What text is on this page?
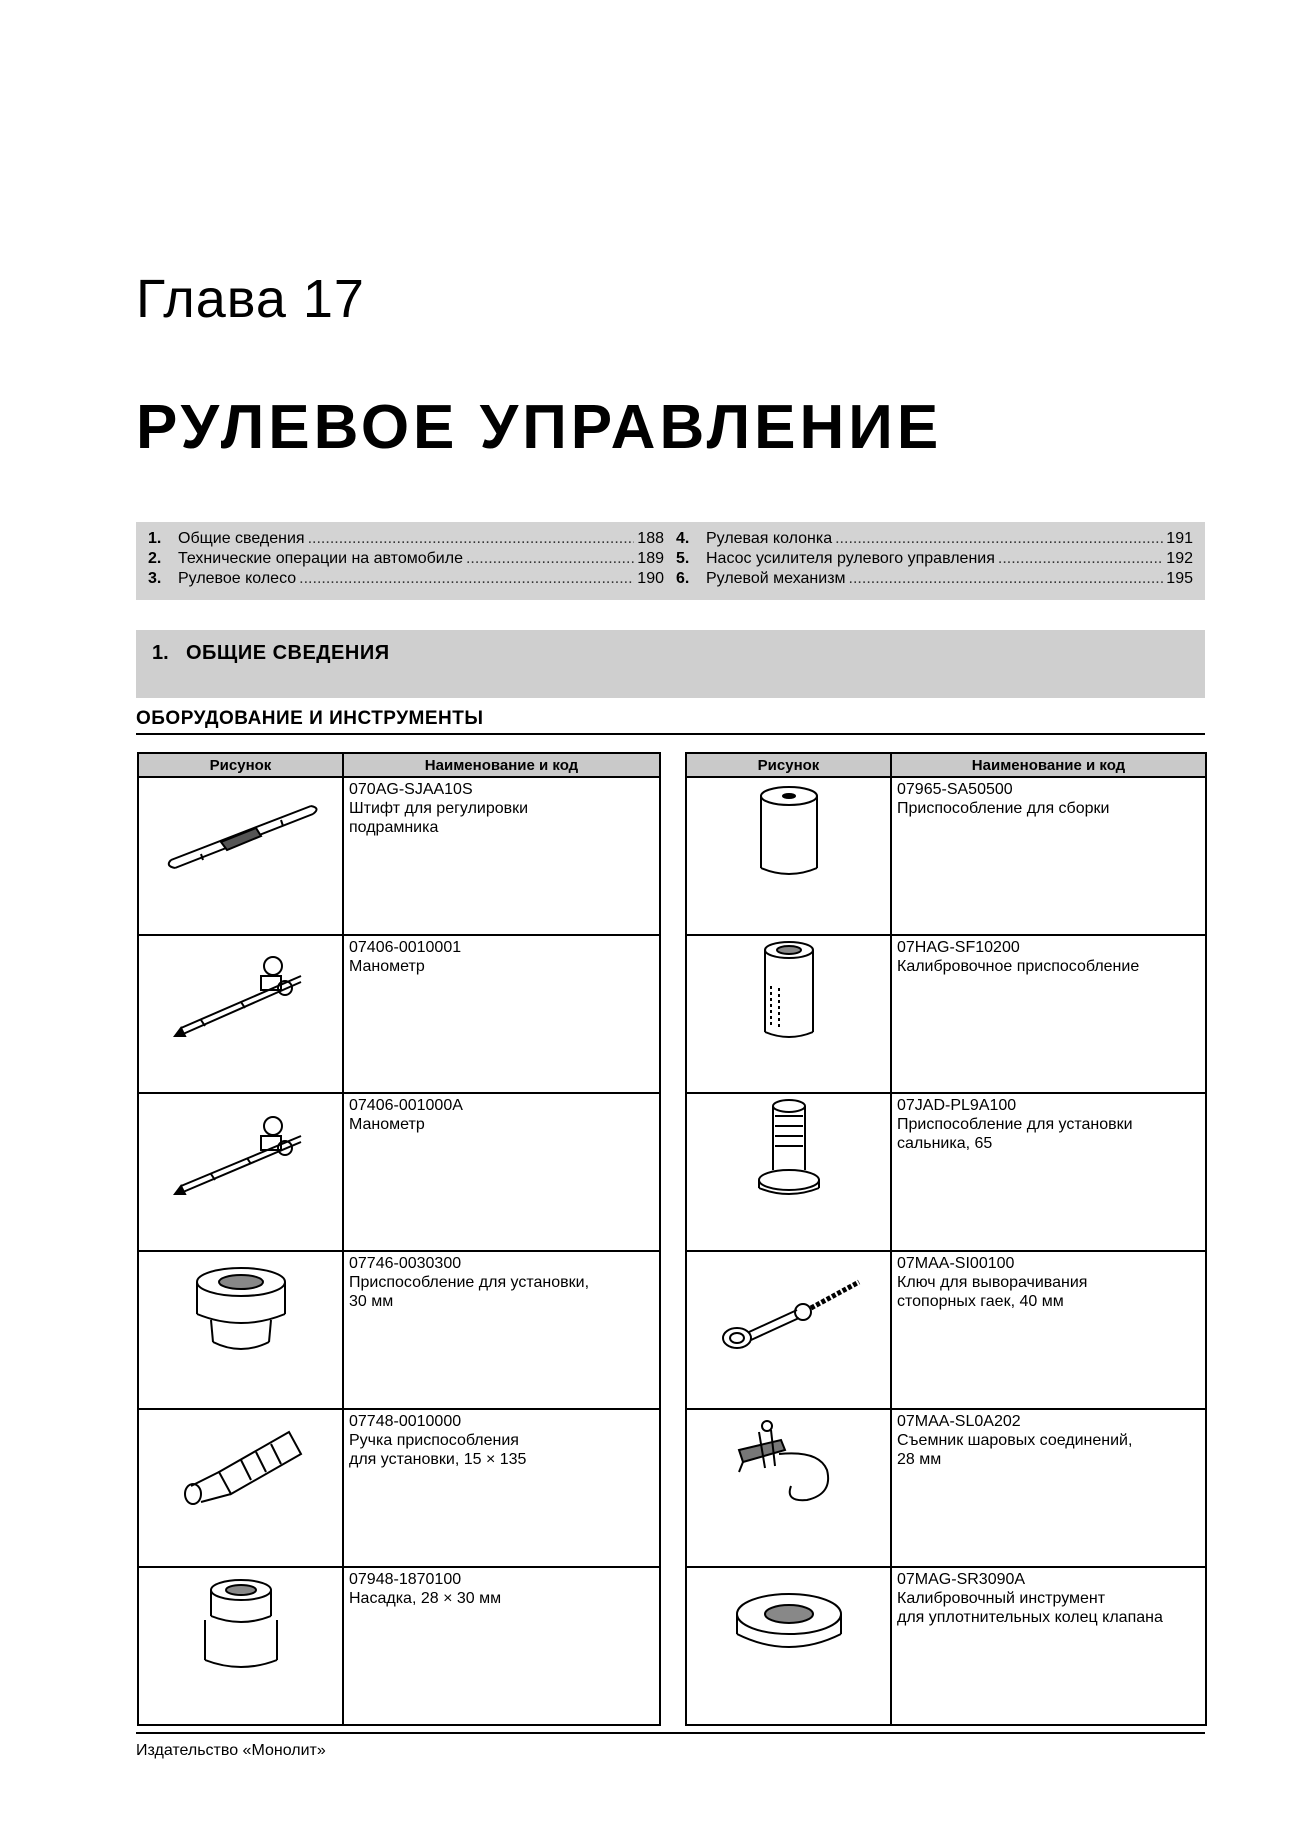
Глава 17
РУЛЕВОЕ УПРАВЛЕНИЕ
1.	Общие сведения .....	188
2.	Технические операции на автомобиле .....	189
3.	Рулевое колесо .....	190
4.	Рулевая колонка .....	191
5.	Насос усилителя рулевого управления .....	192
6.	Рулевой механизм .....	195
1. ОБЩИЕ СВЕДЕНИЯ
ОБОРУДОВАНИЕ И ИНСТРУМЕНТЫ
Рисунок	Наименование и код

070AG-SJAA10S
Штифт для регулировки
подрамника

07406-0010001
Манометр

07406-001000A
Манометр

07746-0030300
Приспособление для установки,
30 мм

07748-0010000
Ручка приспособления
для установки, 15 × 135

07948-1870100
Насадка, 28 × 30 мм
Рисунок	Наименование и код

07965-SA50500
Приспособление для сборки

07HAG-SF10200
Калибровочное приспособление

07JAD-PL9A100
Приспособление для установки
сальника, 65

07MAA-SI00100
Ключ для выворачивания
стопорных гаек, 40 мм

07MAA-SL0A202
Съемник шаровых соединений,
28 мм

07MAG-SR3090A
Калибровочный инструмент
для уплотнительных колец клапана
Издательство «Монолит»
